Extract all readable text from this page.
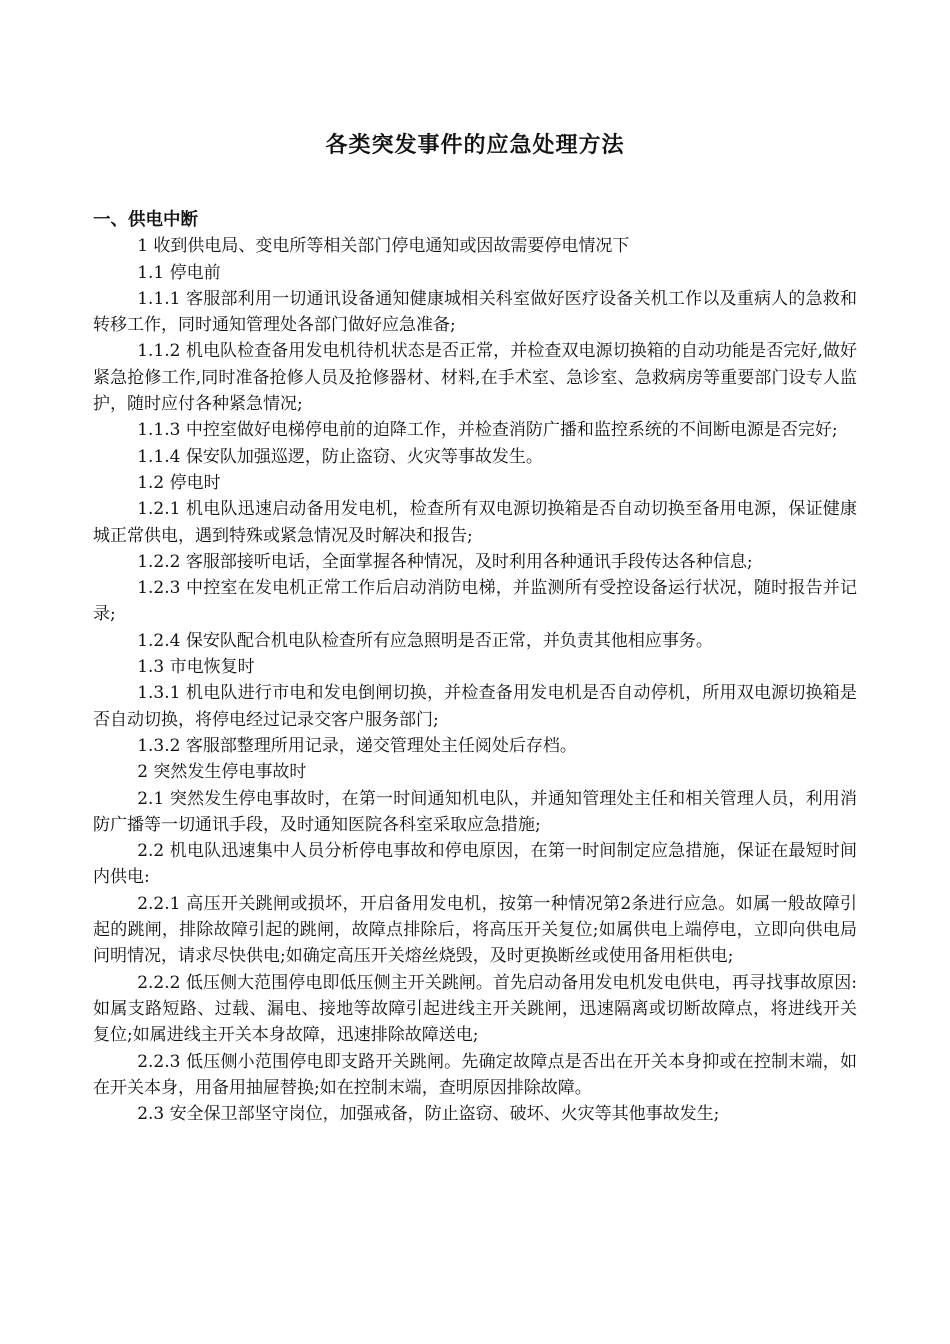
各类突发事件的应急处理方法

一、供电中断

1 收到供电局、变电所等相关部门停电通知或因故需要停电情况下

1.1 停电前

1.1.1 客服部利用一切通讯设备通知健康城相关科室做好医疗设备关机工作以及重病人的急救和转移工作，同时通知管理处各部门做好应急准备;

1.1.2 机电队检查备用发电机待机状态是否正常，并检查双电源切换箱的自动功能是否完好,做好紧急抢修工作,同时准备抢修人员及抢修器材、材料,在手术室、急诊室、急救病房等重要部门设专人监护，随时应付各种紧急情况;

1.1.3 中控室做好电梯停电前的迫降工作，并检查消防广播和监控系统的不间断电源是否完好;

1.1.4 保安队加强巡逻，防止盗窃、火灾等事故发生。

1.2 停电时

1.2.1 机电队迅速启动备用发电机，检查所有双电源切换箱是否自动切换至备用电源，保证健康城正常供电，遇到特殊或紧急情况及时解决和报告;

1.2.2 客服部接听电话，全面掌握各种情况，及时利用各种通讯手段传达各种信息;

1.2.3 中控室在发电机正常工作后启动消防电梯，并监测所有受控设备运行状况，随时报告并记录;

1.2.4 保安队配合机电队检查所有应急照明是否正常，并负责其他相应事务。

1.3 市电恢复时

1.3.1 机电队进行市电和发电倒闸切换，并检查备用发电机是否自动停机，所用双电源切换箱是否自动切换，将停电经过记录交客户服务部门;

1.3.2 客服部整理所用记录，递交管理处主任阅处后存档。

2 突然发生停电事故时

2.1 突然发生停电事故时，在第一时间通知机电队，并通知管理处主任和相关管理人员，利用消防广播等一切通讯手段，及时通知医院各科室采取应急措施;

2.2 机电队迅速集中人员分析停电事故和停电原因，在第一时间制定应急措施，保证在最短时间内供电:

2.2.1 高压开关跳闸或损坏，开启备用发电机，按第一种情况第2条进行应急。如属一般故障引起的跳闸，排除故障引起的跳闸，故障点排除后，将高压开关复位;如属供电上端停电，立即向供电局问明情况，请求尽快供电;如确定高压开关熔丝烧毁，及时更换断丝或使用备用柜供电;

2.2.2 低压侧大范围停电即低压侧主开关跳闸。首先启动备用发电机发电供电，再寻找事故原因:如属支路短路、过载、漏电、接地等故障引起进线主开关跳闸，迅速隔离或切断故障点，将进线开关复位;如属进线主开关本身故障，迅速排除故障送电;

2.2.3 低压侧小范围停电即支路开关跳闸。先确定故障点是否出在开关本身抑或在控制末端，如在开关本身，用备用抽屉替换;如在控制末端，查明原因排除故障。

2.3 安全保卫部坚守岗位，加强戒备，防止盗窃、破坏、火灾等其他事故发生;
